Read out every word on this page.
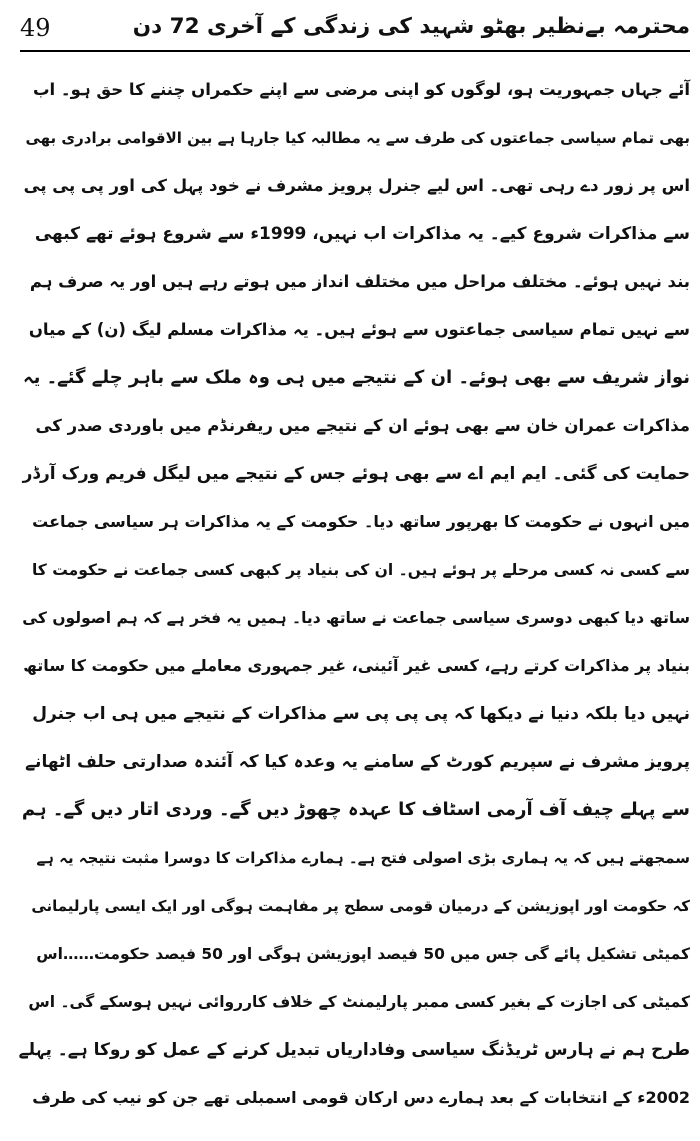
49	محترمہ بےنظیر بھٹو شہید کی زندگی کے آخری 72 دن
آئے جہاں جمہوریت ہو، لوگوں کو اپنی مرضی سے اپنے حکمراں چننے کا حق ہو۔ اب
بھی تمام سیاسی جماعتوں کی طرف سے یہ مطالبہ کیا جارہا ہے بین الاقوامی برادری بھی
اس پر زور دے رہی تھی۔ اس لیے جنرل پرویز مشرف نے خود پہل کی اور پی پی پی
سے مذاکرات شروع کیے۔ یہ مذاکرات اب نہیں، 1999ء سے شروع ہوئے تھے کبھی
بند نہیں ہوئے۔ مختلف مراحل میں مختلف انداز میں ہوتے رہے ہیں اور یہ صرف ہم
سے نہیں تمام سیاسی جماعتوں سے ہوئے ہیں۔ یہ مذاکرات مسلم لیگ (ن) کے میاں
نواز شریف سے بھی ہوئے۔ ان کے نتیجے میں ہی وہ ملک سے باہر چلے گئے۔ یہ
مذاکرات عمران خان سے بھی ہوئے ان کے نتیجے میں ریفرنڈم میں باوردی صدر کی
حمایت کی گئی۔ ایم ایم اے سے بھی ہوئے جس کے نتیجے میں لیگل فریم ورک آرڈر
میں انہوں نے حکومت کا بھرپور ساتھ دیا۔ حکومت کے یہ مذاکرات ہر سیاسی جماعت
سے کسی نہ کسی مرحلے پر ہوئے ہیں۔ ان کی بنیاد پر کبھی کسی جماعت نے حکومت کا
ساتھ دیا کبھی دوسری سیاسی جماعت نے ساتھ دیا۔ ہمیں یہ فخر ہے کہ ہم اصولوں کی
بنیاد پر مذاکرات کرتے رہے، کسی غیر آئینی، غیر جمہوری معاملے میں حکومت کا ساتھ
نہیں دیا بلکہ دنیا نے دیکھا کہ پی پی پی سے مذاکرات کے نتیجے میں ہی اب جنرل
پرویز مشرف نے سپریم کورٹ کے سامنے یہ وعدہ کیا کہ آئندہ صدارتی حلف اٹھانے
سے پہلے چیف آف آرمی اسٹاف کا عہدہ چھوڑ دیں گے۔ وردی اتار دیں گے۔ ہم
سمجھتے ہیں کہ یہ ہماری بڑی اصولی فتح ہے۔ ہمارے مذاکرات کا دوسرا مثبت نتیجہ یہ ہے
کہ حکومت اور اپوزیشن کے درمیان قومی سطح پر مفاہمت ہوگی اور ایک ایسی پارلیمانی
کمیٹی تشکیل پائے گی جس میں 50 فیصد اپوزیشن ہوگی اور 50 فیصد حکومت……اس
کمیٹی کی اجازت کے بغیر کسی ممبر پارلیمنٹ کے خلاف کارروائی نہیں ہوسکے گی۔ اس
طرح ہم نے ہارس ٹریڈنگ سیاسی وفاداریاں تبدیل کرنے کے عمل کو روکا ہے۔ پہلے
2002ء کے انتخابات کے بعد ہمارے دس ارکان قومی اسمبلی تھے جن کو نیب کی طرف
